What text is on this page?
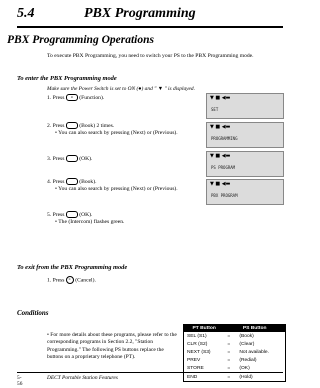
5.4	PBX Programming
PBX Programming Operations
To execute PBX Programming, you need to switch your PS to the PBX Programming mode.
To enter the PBX Programming mode
Make sure the Power Switch is set to ON (●) and " ▼ " is displayed.
1. Press # (Function).
2. Press	(Book) 2 times.
• You can also search by pressing (Next) or (Previous).
3. Press	(OK).
4. Press	(Book).
• You can also search by pressing (Next) or (Previous).
5. Press	(OK).
• The (Intercom) flashes green.
▼ ■ ◀▬
SET
▼ ■ ◀▬
PROGRAMMING
▼ ■ ◀▬
PS PROGRAM
▼ ■ ◀▬
PBX PROGRAM
To exit from the PBX Programming mode
1. Press C (Cancel).
Conditions
• For more details about these programs, please refer to the corresponding programs in Section 2.2, "Station Programming." The following PS buttons replace the buttons on a proprietary telephone (PT).
PT Button	PS Button	
SEL (S1)	=	(Book)
CLR (S2)	=	(Clear)
NEXT (S3)	=	Not available.
PREV	=	(Redial)
STORE	=	(OK)
END	=	(Hold)
5-56
DECT Portable Station Features
